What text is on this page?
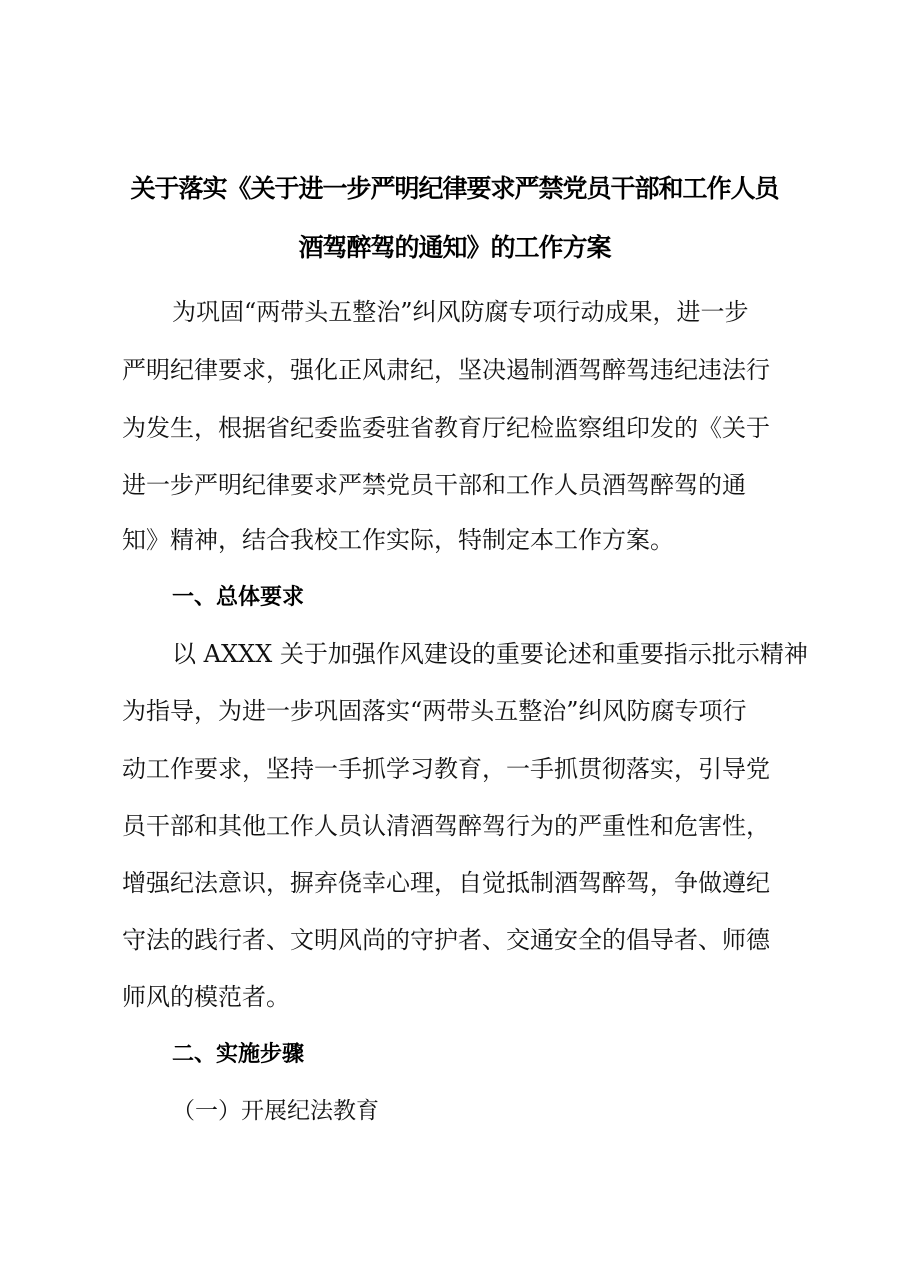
关于落实《关于进一步严明纪律要求严禁党员干部和工作人员
酒驾醉驾的通知》的工作方案
为巩固“两带头五整治”纠风防腐专项行动成果，进一步
严明纪律要求，强化正风肃纪，坚决遏制酒驾醉驾违纪违法行
为发生，根据省纪委监委驻省教育厅纪检监察组印发的《关于
进一步严明纪律要求严禁党员干部和工作人员酒驾醉驾的通
知》精神，结合我校工作实际，特制定本工作方案。
一、总体要求
以 AXXX 关于加强作风建设的重要论述和重要指示批示精神
为指导，为进一步巩固落实“两带头五整治”纠风防腐专项行
动工作要求，坚持一手抓学习教育，一手抓贯彻落实，引导党
员干部和其他工作人员认清酒驾醉驾行为的严重性和危害性，
增强纪法意识，摒弃侥幸心理，自觉抵制酒驾醉驾，争做遵纪
守法的践行者、文明风尚的守护者、交通安全的倡导者、师德
师风的模范者。
二、实施步骤
（一）开展纪法教育
